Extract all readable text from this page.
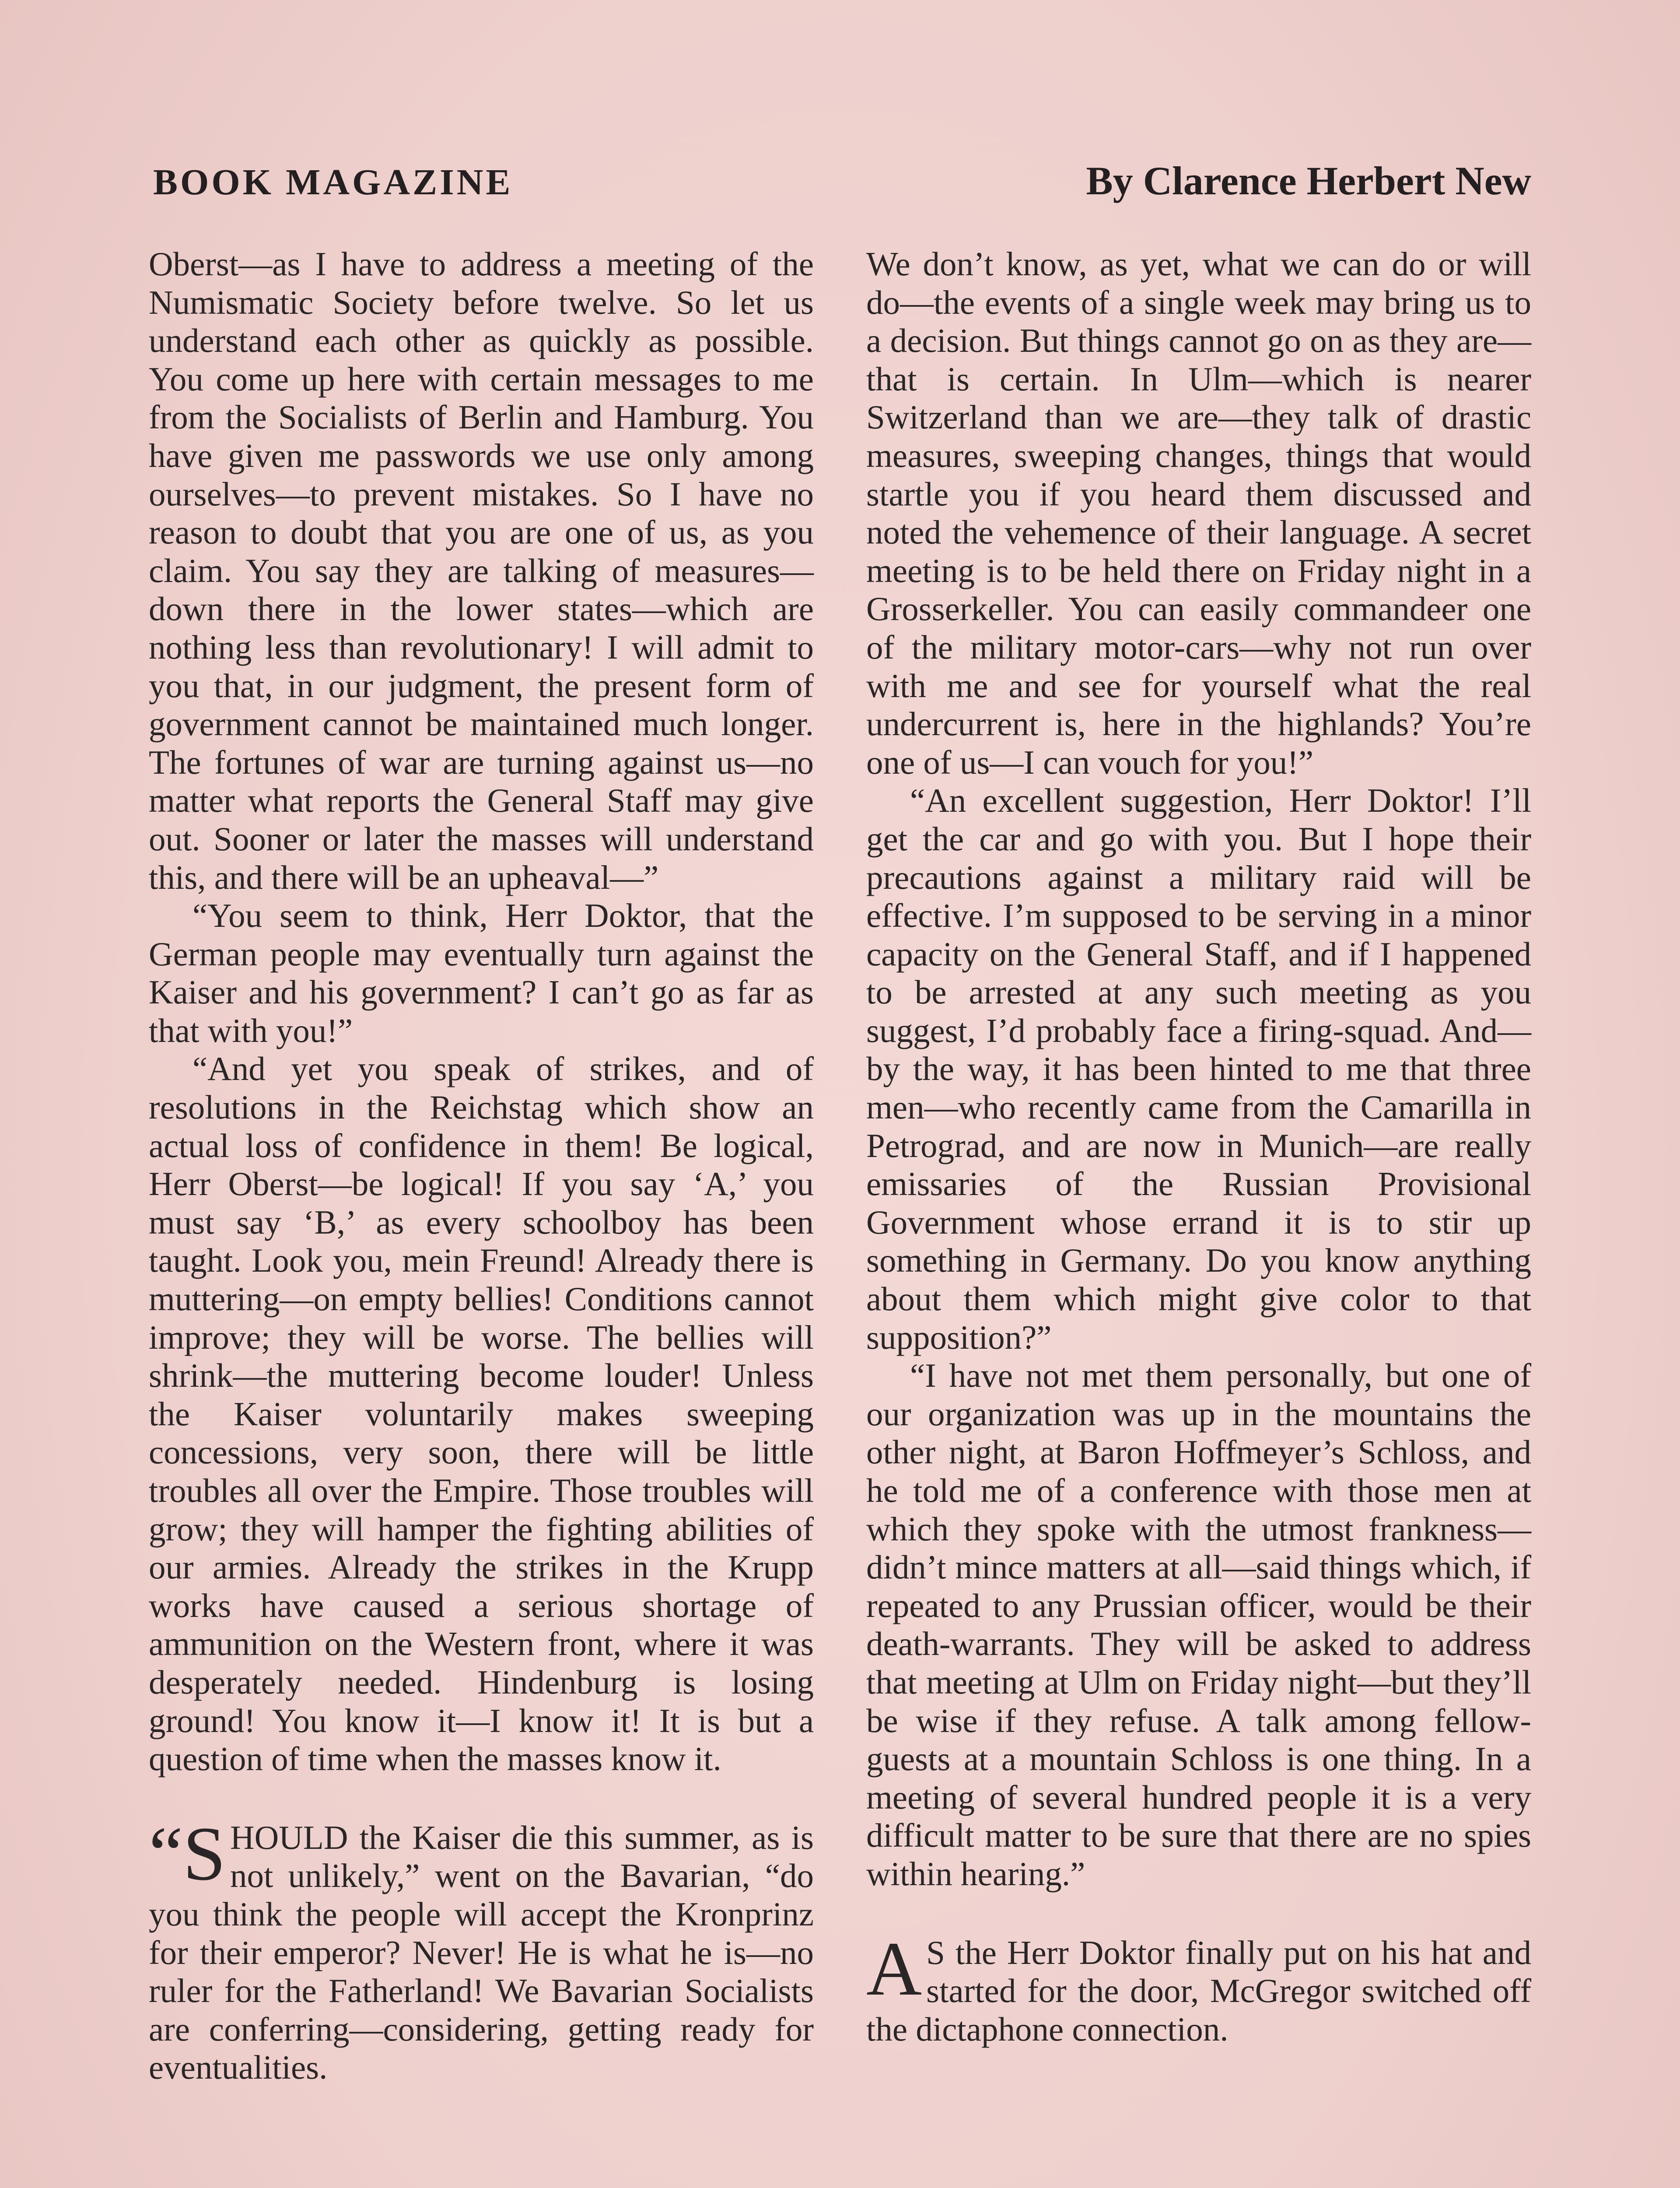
BOOK MAGAZINE	By Clarence Herbert New

Oberst—as I have to address a meeting of the Numismatic Society before twelve. So let us understand each other as quickly as possible. You come up here with certain messages to me from the Socialists of Berlin and Hamburg. You have given me passwords we use only among ourselves—to prevent mistakes. So I have no reason to doubt that you are one of us, as you claim. You say they are talking of measures—down there in the lower states—which are nothing less than revolutionary! I will admit to you that, in our judgment, the present form of government cannot be maintained much longer. The fortunes of war are turning against us—no matter what reports the General Staff may give out. Sooner or later the masses will understand this, and there will be an upheaval—”

“You seem to think, Herr Doktor, that the German people may eventually turn against the Kaiser and his government? I can’t go as far as that with you!”

“And yet you speak of strikes, and of resolutions in the Reichstag which show an actual loss of confidence in them! Be logical, Herr Oberst—be logical! If you say ‘A,’ you must say ‘B,’ as every schoolboy has been taught. Look you, mein Freund! Already there is muttering—on empty bellies! Conditions cannot improve; they will be worse. The bellies will shrink—the muttering become louder! Unless the Kaiser voluntarily makes sweeping concessions, very soon, there will be little troubles all over the Empire. Those troubles will grow; they will hamper the fighting abilities of our armies. Already the strikes in the Krupp works have caused a serious shortage of ammunition on the Western front, where it was desperately needed. Hindenburg is losing ground! You know it—I know it! It is but a question of time when the masses know it.

“SHOULD the Kaiser die this summer, as is not unlikely,” went on the Bavarian, “do you think the people will accept the Kronprinz for their emperor? Never! He is what he is—no ruler for the Fatherland! We Bavarian Socialists are conferring—considering, getting ready for eventualities.

We don’t know, as yet, what we can do or will do—the events of a single week may bring us to a decision. But things cannot go on as they are—that is certain. In Ulm—which is nearer Switzerland than we are—they talk of drastic measures, sweeping changes, things that would startle you if you heard them discussed and noted the vehemence of their language. A secret meeting is to be held there on Friday night in a Grosserkeller. You can easily commandeer one of the military motor-cars—why not run over with me and see for yourself what the real undercurrent is, here in the highlands? You’re one of us—I can vouch for you!”

“An excellent suggestion, Herr Doktor! I’ll get the car and go with you. But I hope their precautions against a military raid will be effective. I’m supposed to be serving in a minor capacity on the General Staff, and if I happened to be arrested at any such meeting as you suggest, I’d probably face a firing-squad. And—by the way, it has been hinted to me that three men—who recently came from the Camarilla in Petrograd, and are now in Munich—are really emissaries of the Russian Provisional Government whose errand it is to stir up something in Germany. Do you know anything about them which might give color to that supposition?”

“I have not met them personally, but one of our organization was up in the mountains the other night, at Baron Hoffmeyer’s Schloss, and he told me of a conference with those men at which they spoke with the utmost frankness—didn’t mince matters at all—said things which, if repeated to any Prussian officer, would be their death-warrants. They will be asked to address that meeting at Ulm on Friday night—but they’ll be wise if they refuse. A talk among fellow-guests at a mountain Schloss is one thing. In a meeting of several hundred people it is a very difficult matter to be sure that there are no spies within hearing.”

A S the Herr Doktor finally put on his hat and started for the door, McGregor switched off the dictaphone connection.
